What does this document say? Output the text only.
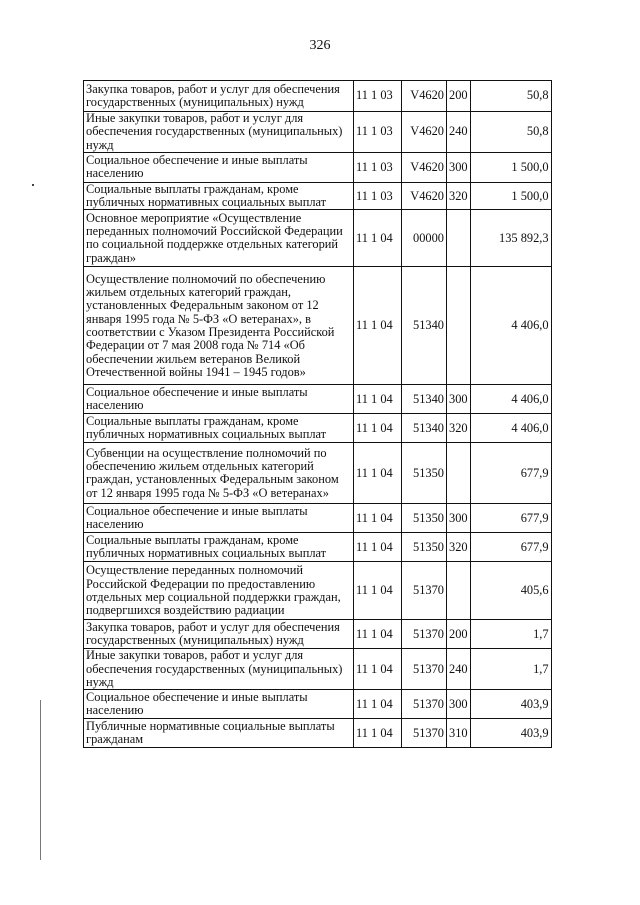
326
Закупка товаров, работ и услуг для обеспечения государственных (муниципальных) нужд	11 1 03	V4620	200	50,8
Иные закупки товаров, работ и услуг для обеспечения государственных (муниципальных) нужд	11 1 03	V4620	240	50,8
Социальное обеспечение и иные выплаты населению	11 1 03	V4620	300	1 500,0
Социальные выплаты гражданам, кроме публичных нормативных социальных выплат	11 1 03	V4620	320	1 500,0
Основное мероприятие «Осуществление переданных полномочий Российской Федерации по социальной поддержке отдельных категорий граждан»	11 1 04	00000		135 892,3
Осуществление полномочий по обеспечению жильем отдельных категорий граждан, установленных Федеральным законом от 12 января 1995 года № 5-ФЗ «О ветеранах», в соответствии с Указом Президента Российской Федерации от 7 мая 2008 года № 714 «Об обеспечении жильем ветеранов Великой Отечественной войны 1941 – 1945 годов»	11 1 04	51340		4 406,0
Социальное обеспечение и иные выплаты населению	11 1 04	51340	300	4 406,0
Социальные выплаты гражданам, кроме публичных нормативных социальных выплат	11 1 04	51340	320	4 406,0
Субвенции на осуществление полномочий по обеспечению жильем отдельных категорий граждан, установленных Федеральным законом от 12 января 1995 года № 5-ФЗ «О ветеранах»	11 1 04	51350		677,9
Социальное обеспечение и иные выплаты населению	11 1 04	51350	300	677,9
Социальные выплаты гражданам, кроме публичных нормативных социальных выплат	11 1 04	51350	320	677,9
Осуществление переданных полномочий Российской Федерации по предоставлению отдельных мер социальной поддержки граждан, подвергшихся воздействию радиации	11 1 04	51370		405,6
Закупка товаров, работ и услуг для обеспечения государственных (муниципальных) нужд	11 1 04	51370	200	1,7
Иные закупки товаров, работ и услуг для обеспечения государственных (муниципальных) нужд	11 1 04	51370	240	1,7
Социальное обеспечение и иные выплаты населению	11 1 04	51370	300	403,9
Публичные нормативные социальные выплаты гражданам	11 1 04	51370	310	403,9
